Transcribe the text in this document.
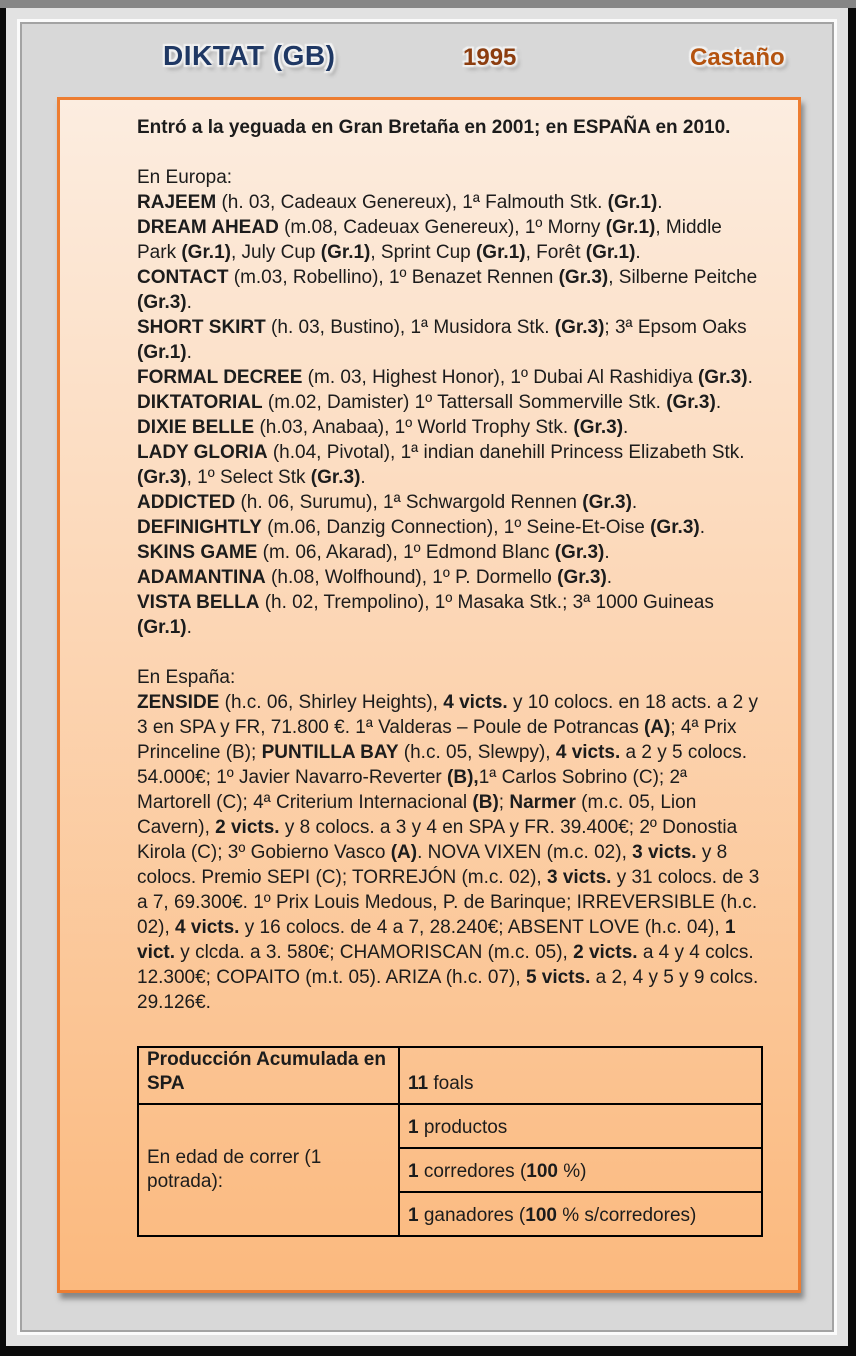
DIKTAT (GB)	1995	Castaño
Entró a la yeguada en Gran Bretaña en 2001; en ESPAÑA en 2010.
En Europa:

RAJEEM (h. 03, Cadeaux Genereux), 1ª Falmouth Stk. (Gr.1).

DREAM AHEAD (m.08, Cadeuax Genereux), 1º Morny (Gr.1), Middle Park (Gr.1), July Cup (Gr.1), Sprint Cup (Gr.1), Forêt (Gr.1).

CONTACT (m.03, Robellino), 1º Benazet Rennen (Gr.3), Silberne Peitche (Gr.3).

SHORT SKIRT (h. 03, Bustino), 1ª Musidora Stk. (Gr.3); 3ª Epsom Oaks (Gr.1).

FORMAL DECREE (m. 03, Highest Honor), 1º Dubai Al Rashidiya (Gr.3).

DIKTATORIAL (m.02, Damister) 1º Tattersall Sommerville Stk. (Gr.3).

DIXIE BELLE (h.03, Anabaa), 1º World Trophy Stk. (Gr.3).

LADY GLORIA (h.04, Pivotal), 1ª indian danehill Princess Elizabeth Stk. (Gr.3), 1º Select Stk (Gr.3).

ADDICTED (h. 06, Surumu), 1ª Schwargold Rennen (Gr.3).

DEFINIGHTLY (m.06, Danzig Connection), 1º Seine-Et-Oise (Gr.3).

SKINS GAME (m. 06, Akarad), 1º Edmond Blanc (Gr.3).

ADAMANTINA (h.08, Wolfhound), 1º P. Dormello (Gr.3).

VISTA BELLA (h. 02, Trempolino), 1º Masaka Stk.; 3ª 1000 Guineas (Gr.1).

En España:

ZENSIDE (h.c. 06, Shirley Heights), 4 victs. y 10 colocs. en 18 acts. a 2 y 3 en SPA y FR, 71.800 €. 1ª Valderas – Poule de Potrancas (A); 4ª Prix Princeline (B); PUNTILLA BAY (h.c. 05, Slewpy), 4 victs. a 2 y 5 colocs. 54.000€; 1º Javier Navarro-Reverter (B),1ª Carlos Sobrino (C); 2ª Martorell (C); 4ª Criterium Internacional (B); Narmer (m.c. 05, Lion Cavern), 2 victs. y 8 colocs. a 3 y 4 en SPA y FR. 39.400€; 2º Donostia Kirola (C); 3º Gobierno Vasco (A). NOVA VIXEN (m.c. 02), 3 victs. y 8 colocs. Premio SEPI (C); TORREJÓN (m.c. 02), 3 victs. y 31 colocs. de 3 a 7, 69.300€. 1º Prix Louis Medous, P. de Barinque; IRREVERSIBLE (h.c. 02), 4 victs. y 16 colocs. de 4 a 7, 28.240€; ABSENT LOVE (h.c. 04), 1 vict. y clcda. a 3. 580€; CHAMORISCAN (m.c. 05), 2 victs. a 4 y 4 colcs. 12.300€; COPAITO (m.t. 05). ARIZA (h.c. 07), 5 victs. a 2, 4 y 5 y 9 colcs. 29.126€.

Producción Acumulada en SPA	11 foals
En edad de correr (1 potrada):	1 productos
	1 corredores (100 %)
	1 ganadores (100 % s/corredores)
